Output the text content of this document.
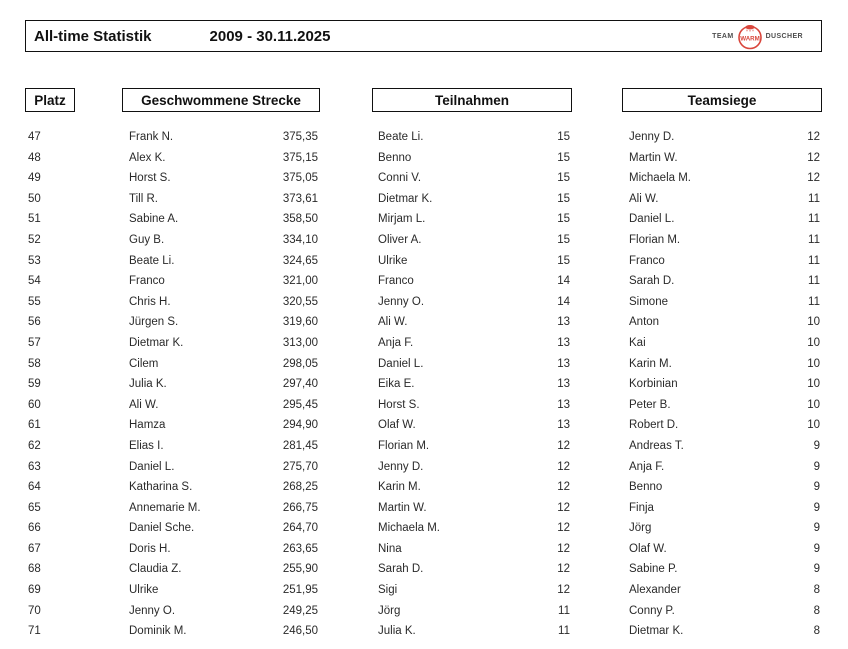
All-time Statistik	2009 - 30.11.2025	TEAM WARM DUSCHER
Platz	Geschwommene Strecke	Teilnahmen	Teamsiege
47	Frank N.	375,35	Beate Li.	15	Jenny D.	12
48	Alex K.	375,15	Benno	15	Martin W.	12
49	Horst S.	375,05	Conni V.	15	Michaela M.	12
50	Till R.	373,61	Dietmar K.	15	Ali W.	11
51	Sabine A.	358,50	Mirjam L.	15	Daniel L.	11
52	Guy B.	334,10	Oliver A.	15	Florian M.	11
53	Beate Li.	324,65	Ulrike	15	Franco	11
54	Franco	321,00	Franco	14	Sarah D.	11
55	Chris H.	320,55	Jenny O.	14	Simone	11
56	Jürgen S.	319,60	Ali W.	13	Anton	10
57	Dietmar K.	313,00	Anja F.	13	Kai	10
58	Cilem	298,05	Daniel L.	13	Karin M.	10
59	Julia K.	297,40	Eika E.	13	Korbinian	10
60	Ali W.	295,45	Horst S.	13	Peter B.	10
61	Hamza	294,90	Olaf W.	13	Robert D.	10
62	Elias I.	281,45	Florian M.	12	Andreas T.	9
63	Daniel L.	275,70	Jenny D.	12	Anja F.	9
64	Katharina S.	268,25	Karin M.	12	Benno	9
65	Annemarie M.	266,75	Martin W.	12	Finja	9
66	Daniel Sche.	264,70	Michaela M.	12	Jörg	9
67	Doris H.	263,65	Nina	12	Olaf W.	9
68	Claudia Z.	255,90	Sarah D.	12	Sabine P.	9
69	Ulrike	251,95	Sigi	12	Alexander	8
70	Jenny O.	249,25	Jörg	11	Conny P.	8
71	Dominik M.	246,50	Julia K.	11	Dietmar K.	8
